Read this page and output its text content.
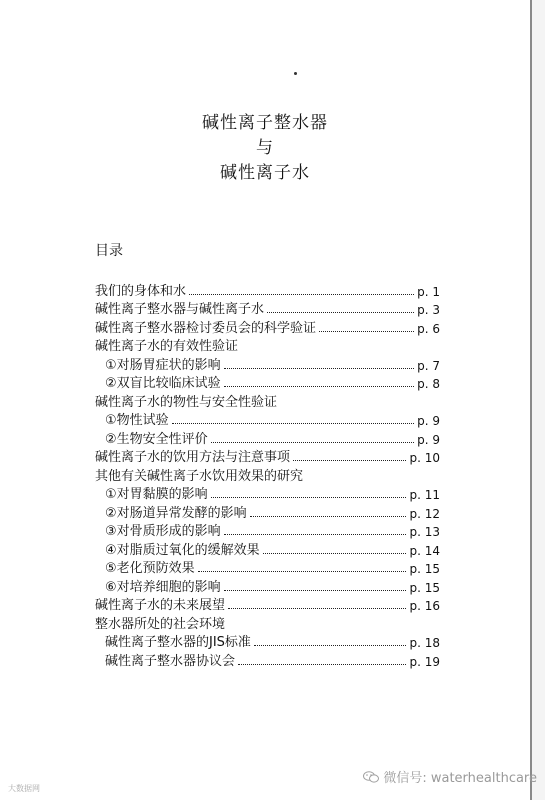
碱性离子整水器
与
碱性离子水
目录
我们的身体和水	p. 1
碱性离子整水器与碱性离子水	p. 3
碱性离子整水器检讨委员会的科学验证	p. 6
碱性离子水的有效性验证
①对肠胃症状的影响	p. 7
②双盲比较临床试验	p. 8
碱性离子水的物性与安全性验证
①物性试验	p. 9
②生物安全性评价	p. 9
碱性离子水的饮用方法与注意事项	p. 10
其他有关碱性离子水饮用效果的研究
①对胃黏膜的影响	p. 11
②对肠道异常发酵的影响	p. 12
③对骨质形成的影响	p. 13
④对脂质过氧化的缓解效果	p. 14
⑤老化预防效果	p. 15
⑥对培养细胞的影响	p. 15
碱性离子水的未来展望	p. 16
整水器所处的社会环境
碱性离子整水器的JIS标准	p. 18
碱性离子整水器协议会	p. 19
微信号: waterhealthcare
大数据网
